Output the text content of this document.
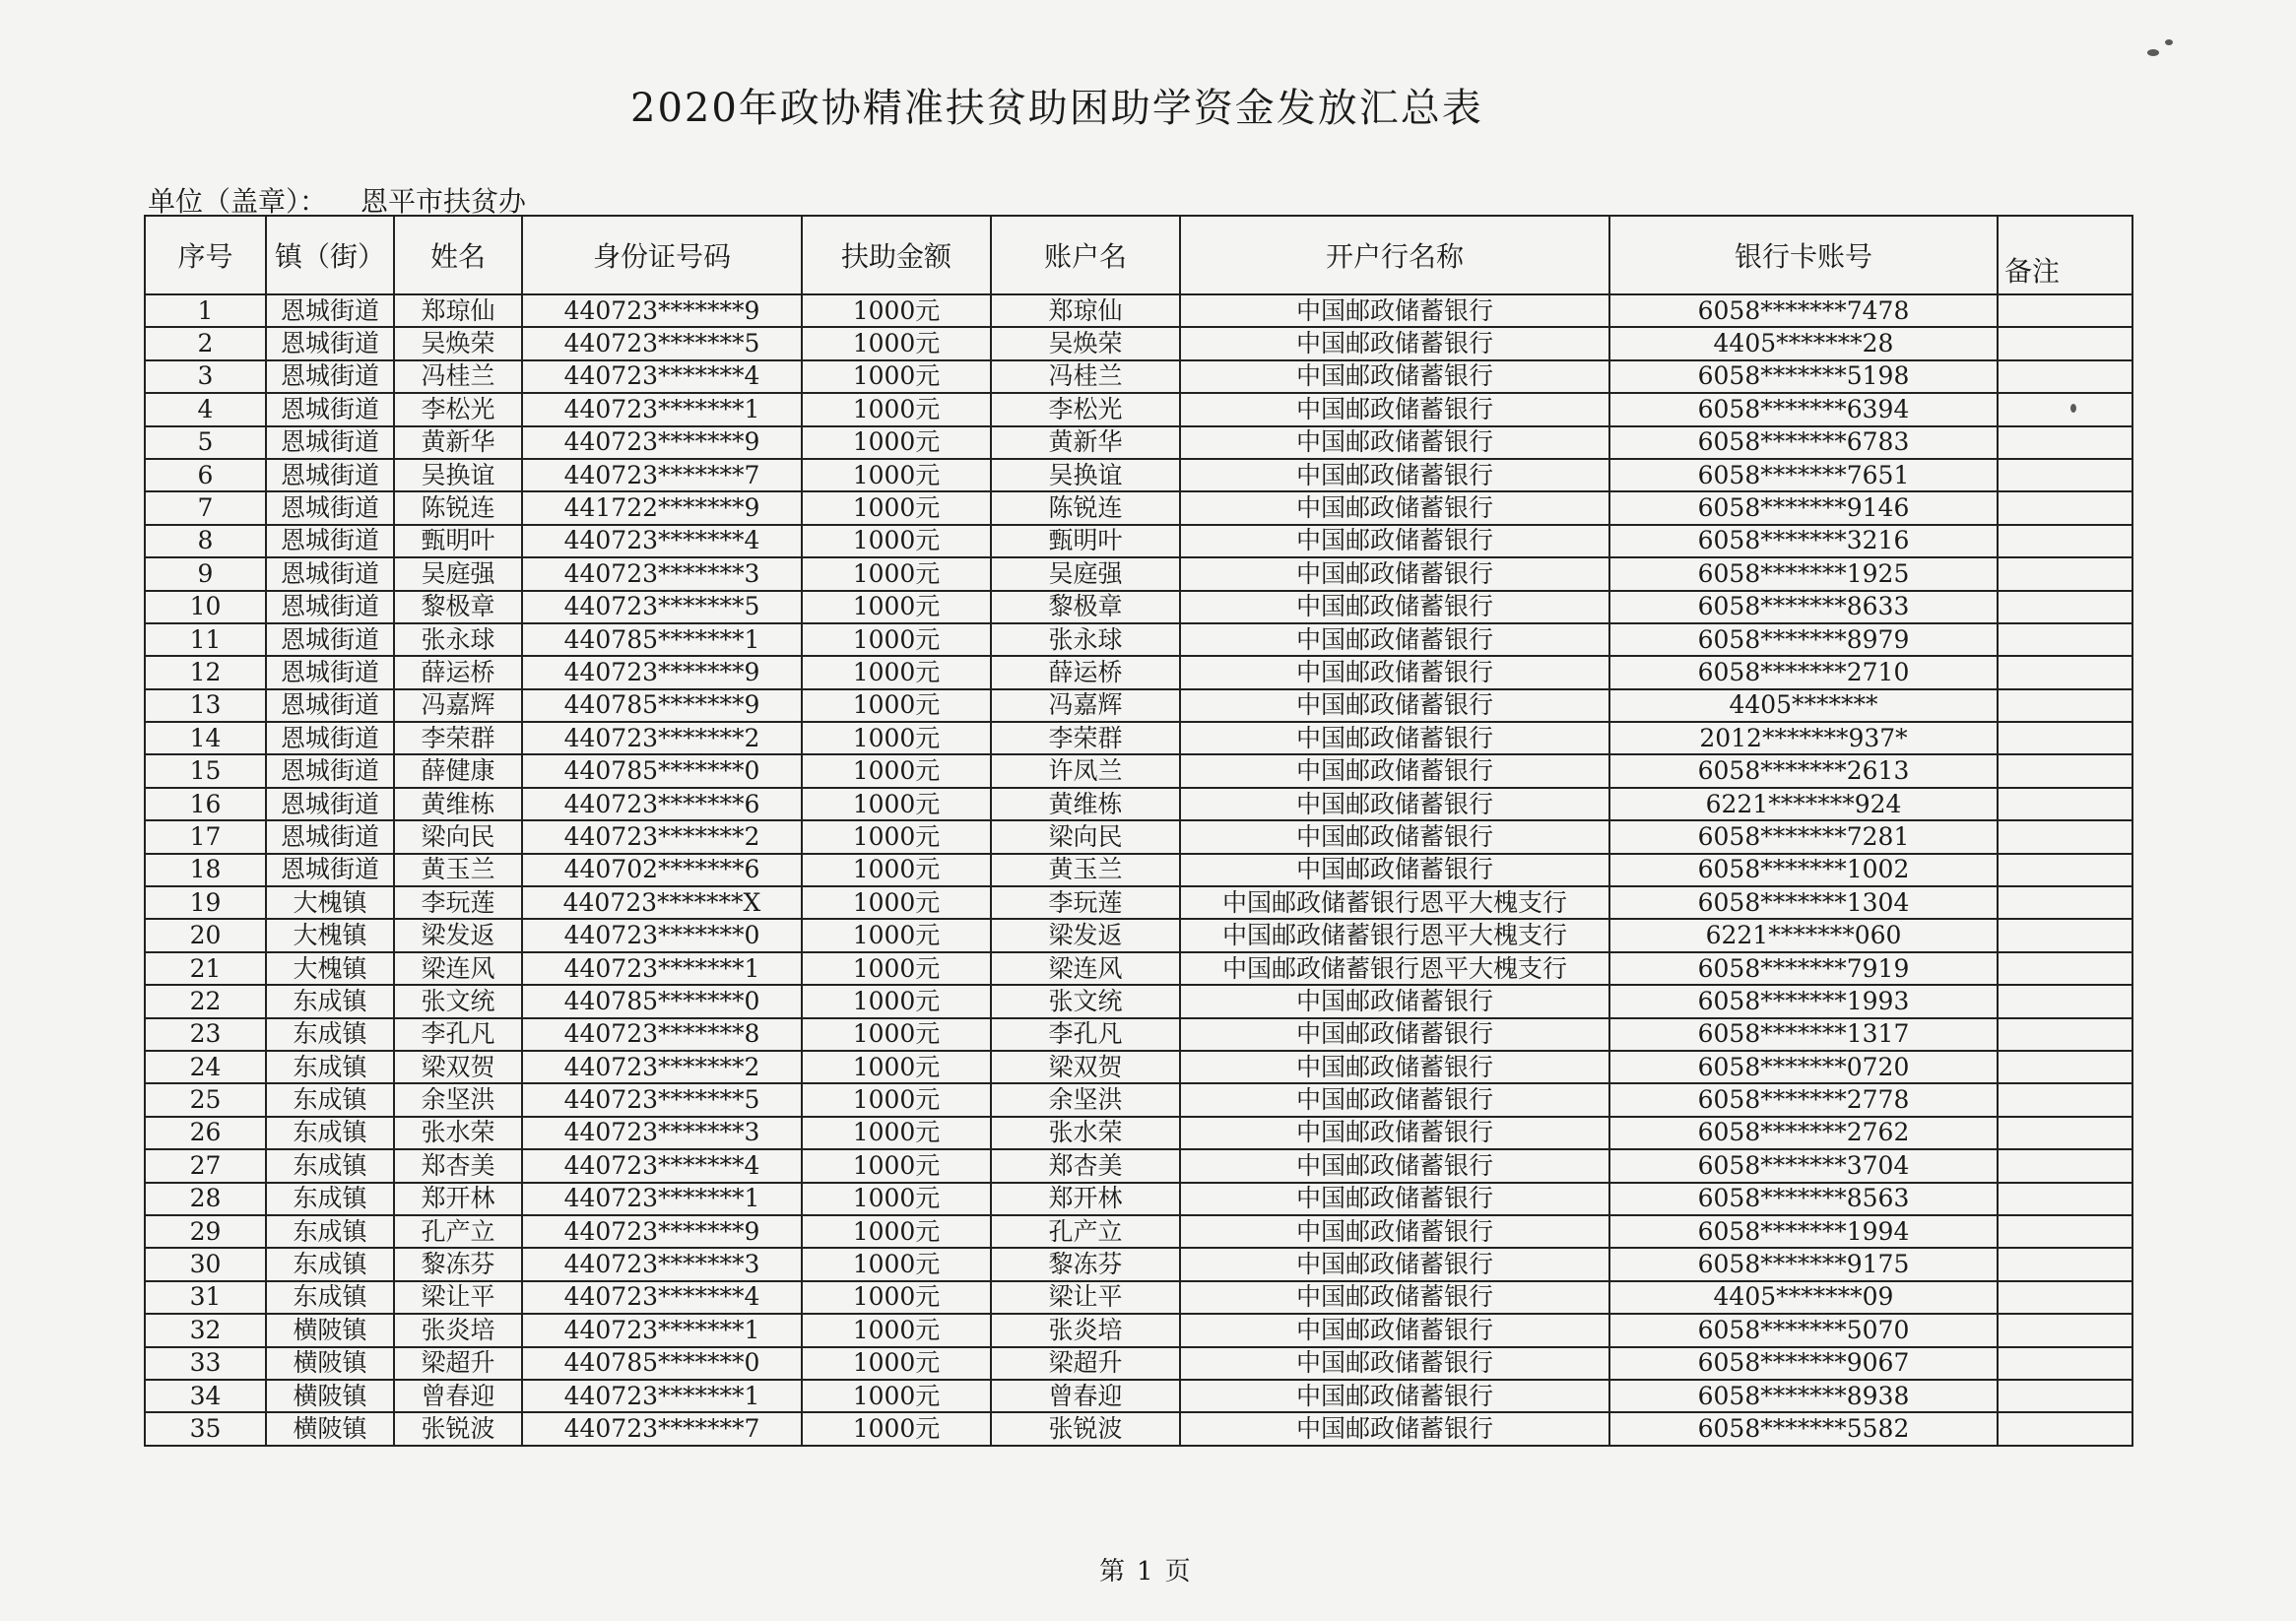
2020年政协精准扶贫助困助学资金发放汇总表
单位（盖章）： 恩平市扶贫办
序号	镇（街）	姓名	身份证号码	扶助金额	账户名	开户行名称	银行卡账号	备注
1	恩城街道	郑琼仙	440723*******9	1000元	郑琼仙	中国邮政储蓄银行	6058*******7478	
2	恩城街道	吴焕荣	440723*******5	1000元	吴焕荣	中国邮政储蓄银行	4405*******28	
3	恩城街道	冯桂兰	440723*******4	1000元	冯桂兰	中国邮政储蓄银行	6058*******5198	
4	恩城街道	李松光	440723*******1	1000元	李松光	中国邮政储蓄银行	6058*******6394	
5	恩城街道	黄新华	440723*******9	1000元	黄新华	中国邮政储蓄银行	6058*******6783	
6	恩城街道	吴换谊	440723*******7	1000元	吴换谊	中国邮政储蓄银行	6058*******7651	
7	恩城街道	陈锐连	441722*******9	1000元	陈锐连	中国邮政储蓄银行	6058*******9146	
8	恩城街道	甄明叶	440723*******4	1000元	甄明叶	中国邮政储蓄银行	6058*******3216	
9	恩城街道	吴庭强	440723*******3	1000元	吴庭强	中国邮政储蓄银行	6058*******1925	
10	恩城街道	黎极章	440723*******5	1000元	黎极章	中国邮政储蓄银行	6058*******8633	
11	恩城街道	张永球	440785*******1	1000元	张永球	中国邮政储蓄银行	6058*******8979	
12	恩城街道	薛运桥	440723*******9	1000元	薛运桥	中国邮政储蓄银行	6058*******2710	
13	恩城街道	冯嘉辉	440785*******9	1000元	冯嘉辉	中国邮政储蓄银行	4405*******	
14	恩城街道	李荣群	440723*******2	1000元	李荣群	中国邮政储蓄银行	2012*******937*	
15	恩城街道	薛健康	440785*******0	1000元	许凤兰	中国邮政储蓄银行	6058*******2613	
16	恩城街道	黄维栋	440723*******6	1000元	黄维栋	中国邮政储蓄银行	6221*******924	
17	恩城街道	梁向民	440723*******2	1000元	梁向民	中国邮政储蓄银行	6058*******7281	
18	恩城街道	黄玉兰	440702*******6	1000元	黄玉兰	中国邮政储蓄银行	6058*******1002	
19	大槐镇	李玩莲	440723*******X	1000元	李玩莲	中国邮政储蓄银行恩平大槐支行	6058*******1304	
20	大槐镇	梁发返	440723*******0	1000元	梁发返	中国邮政储蓄银行恩平大槐支行	6221*******060	
21	大槐镇	梁连风	440723*******1	1000元	梁连风	中国邮政储蓄银行恩平大槐支行	6058*******7919	
22	东成镇	张文统	440785*******0	1000元	张文统	中国邮政储蓄银行	6058*******1993	
23	东成镇	李孔凡	440723*******8	1000元	李孔凡	中国邮政储蓄银行	6058*******1317	
24	东成镇	梁双贺	440723*******2	1000元	梁双贺	中国邮政储蓄银行	6058*******0720	
25	东成镇	余坚洪	440723*******5	1000元	余坚洪	中国邮政储蓄银行	6058*******2778	
26	东成镇	张水荣	440723*******3	1000元	张水荣	中国邮政储蓄银行	6058*******2762	
27	东成镇	郑杏美	440723*******4	1000元	郑杏美	中国邮政储蓄银行	6058*******3704	
28	东成镇	郑开林	440723*******1	1000元	郑开林	中国邮政储蓄银行	6058*******8563	
29	东成镇	孔产立	440723*******9	1000元	孔产立	中国邮政储蓄银行	6058*******1994	
30	东成镇	黎冻芬	440723*******3	1000元	黎冻芬	中国邮政储蓄银行	6058*******9175	
31	东成镇	梁让平	440723*******4	1000元	梁让平	中国邮政储蓄银行	4405*******09	
32	横陂镇	张炎培	440723*******1	1000元	张炎培	中国邮政储蓄银行	6058*******5070	
33	横陂镇	梁超升	440785*******0	1000元	梁超升	中国邮政储蓄银行	6058*******9067	
34	横陂镇	曾春迎	440723*******1	1000元	曾春迎	中国邮政储蓄银行	6058*******8938	
35	横陂镇	张锐波	440723*******7	1000元	张锐波	中国邮政储蓄银行	6058*******5582	
第 1 页
